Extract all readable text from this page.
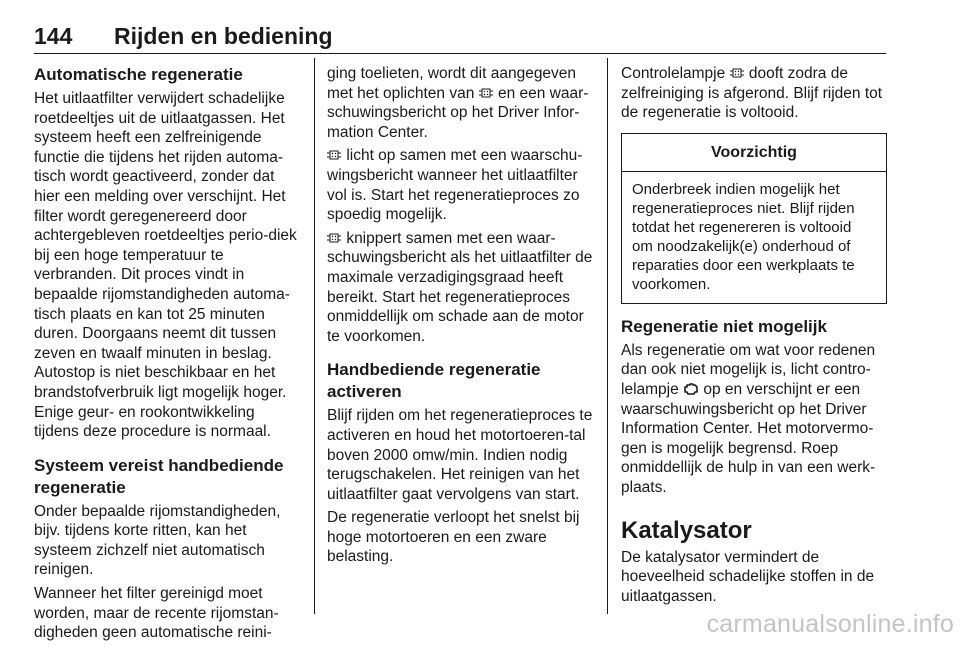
144 Rijden en bediening
Automatische regeneratie

Het uitlaatfilter verwijdert schadelijke roetdeeltjes uit de uitlaatgassen. Het systeem heeft een zelfreinigende functie die tijdens het rijden automa-tisch wordt geactiveerd, zonder dat hier een melding over verschijnt. Het filter wordt geregenereerd door achtergebleven roetdeeltjes perio-diek bij een hoge temperatuur te verbranden. Dit proces vindt in bepaalde rijomstandigheden automa-tisch plaats en kan tot 25 minuten duren. Doorgaans neemt dit tussen zeven en twaalf minuten in beslag. Autostop is niet beschikbaar en het brandstofverbruik ligt mogelijk hoger. Enige geur- en rookontwikkeling tijdens deze procedure is normaal.

Systeem vereist handbediende regeneratie

Onder bepaalde rijomstandigheden, bijv. tijdens korte ritten, kan het systeem zichzelf niet automatisch reinigen.

Wanneer het filter gereinigd moet worden, maar de recente rijomstan-digheden geen automatische reini-

ging toelieten, wordt dit aangegeven met het oplichten van en een waar-schuwingsbericht op het Driver Infor-mation Center.

licht op samen met een waarschu-wingsbericht wanneer het uitlaatfilter vol is. Start het regeneratieproces zo spoedig mogelijk.

knippert samen met een waar-schuwingsbericht als het uitlaatfilter de maximale verzadigingsgraad heeft bereikt. Start het regeneratieproces onmiddellijk om schade aan de motor te voorkomen.

Handbediende regeneratie activeren

Blijf rijden om het regeneratieproces te activeren en houd het motortoeren-tal boven 2000 omw/min. Indien nodig terugschakelen. Het reinigen van het uitlaatfilter gaat vervolgens van start.

De regeneratie verloopt het snelst bij hoge motortoeren en een zware belasting.

Controlelampje dooft zodra de zelfreiniging is afgerond. Blijf rijden tot de regeneratie is voltooid.

Voorzichtig
Onderbreek indien mogelijk het regeneratieproces niet. Blijf rijden totdat het regenereren is voltooid om noodzakelijk(e) onderhoud of reparaties door een werkplaats te voorkomen.
Regeneratie niet mogelijk

Als regeneratie om wat voor redenen dan ook niet mogelijk is, licht contro-lelampje op en verschijnt er een waarschuwingsbericht op het Driver Information Center. Het motorvermo-gen is mogelijk begrensd. Roep onmiddellijk de hulp in van een werk-plaats.

Katalysator

De katalysator vermindert de hoeveelheid schadelijke stoffen in de uitlaatgassen.

carmanualsonline.info
